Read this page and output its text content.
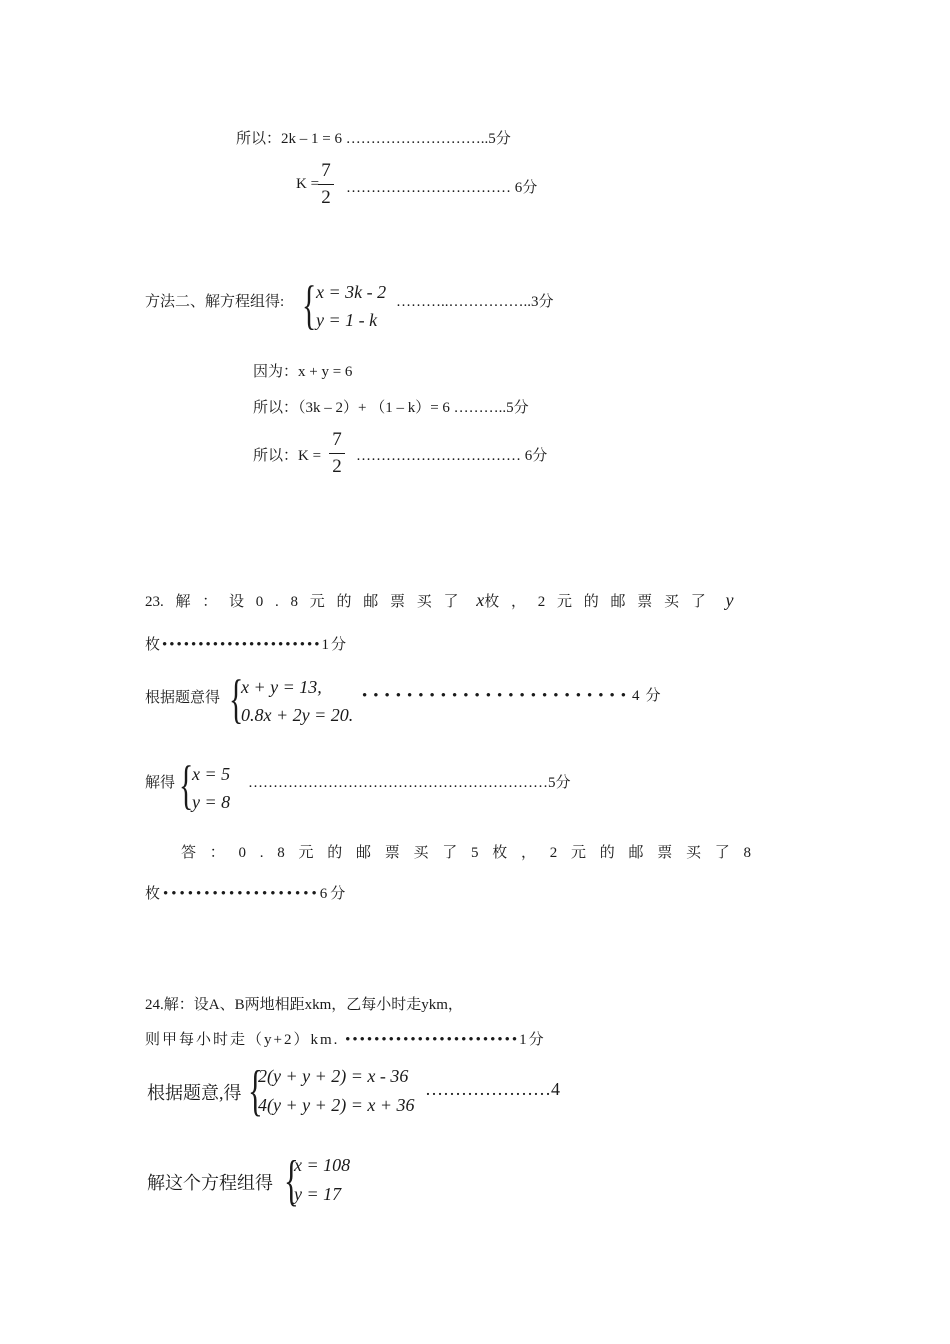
所以：2k – 1 = 6 ………………………..5分
K =
7
2 …………………………… 6分
方法二、解方程组得: { x = 3k - 2
y = 1 - k
………..……………..3分
因为：x + y = 6
所以：（3k – 2）+ （1 – k）= 6 ………..5分
所以：K =
7
2 …………………………… 6分
23. 解 ： 设 0 . 8 元 的 邮 票 买 了 x枚 ， 2 元 的 邮 票 买 了 y
枚••••••••••••••••••••••1分
根据题意得 {
x + y = 13,
0.8x + 2y = 20.
••••••••••••••••••••••••4分
解得 {
x = 5
y = 8
……………………………………………………5分
答 ： 0 . 8 元 的 邮 票 买 了 5 枚 ， 2 元 的 邮 票 买 了 8
枚•••••••••••••••••••6分
24.解：设A、B两地相距xkm，乙每小时走ykm，
则甲每小时走（y+2）km. ••••••••••••••••••••••••1分
根据题意,得 {
2(y + y + 2) = x - 36
4(y + y + 2) = x + 36
…………………4
解这个方程组得 {
x = 108
y = 17
